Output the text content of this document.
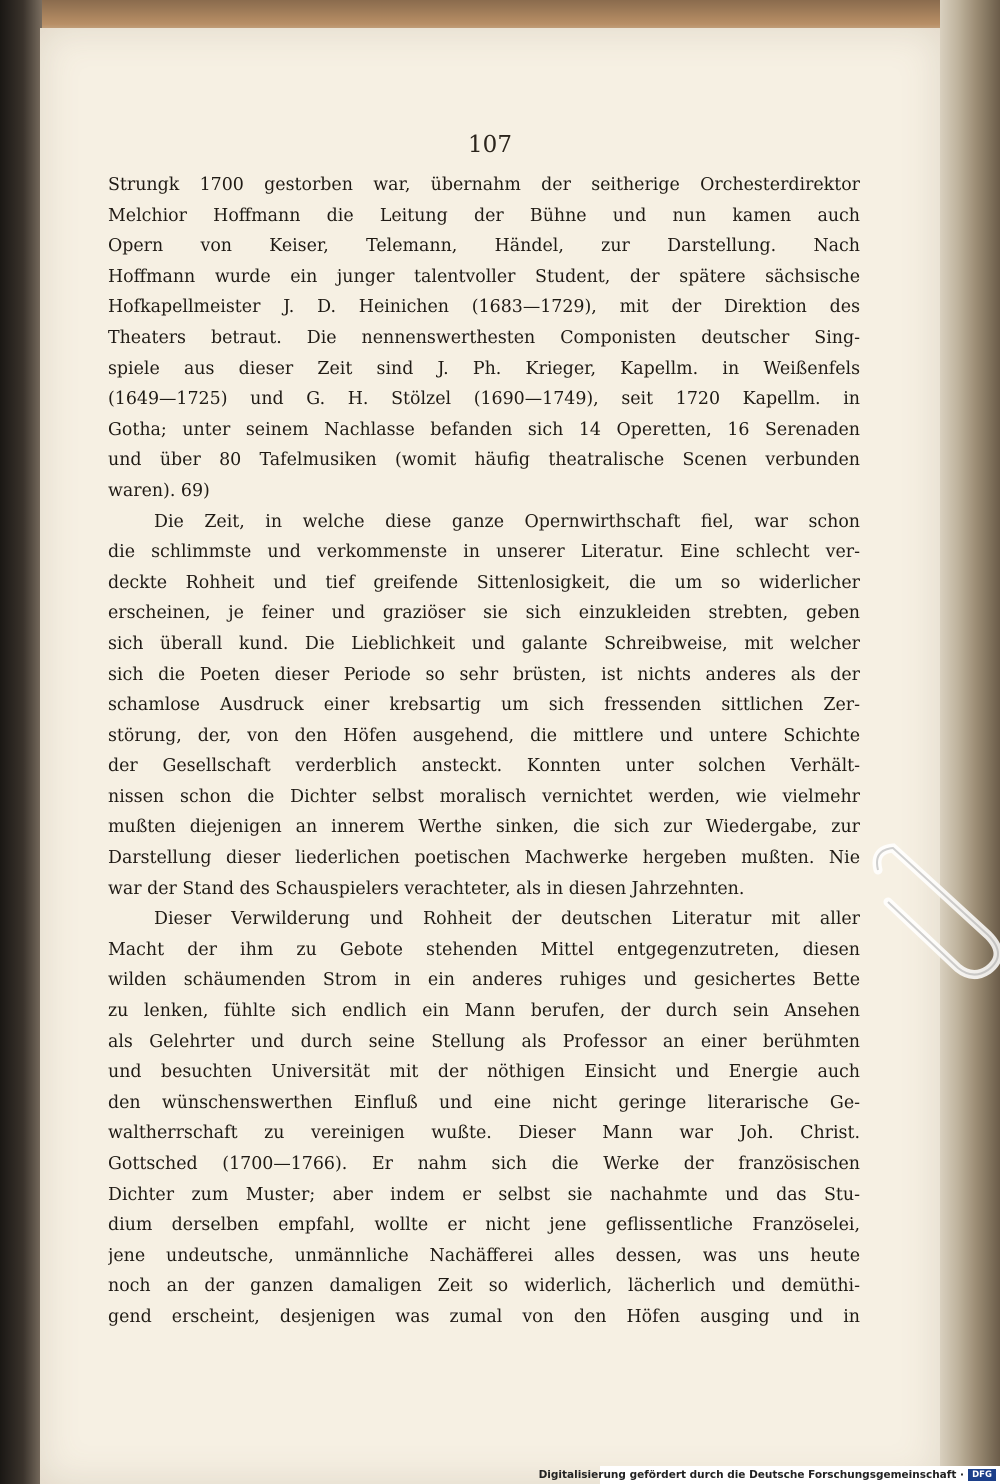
107
Strungk 1700 gestorben war, übernahm der seitherige Orchesterdirektor
Melchior Hoffmann die Leitung der Bühne und nun kamen auch
Opern von Keiser, Telemann, Händel, zur Darstellung. Nach
Hoffmann wurde ein junger talentvoller Student, der spätere sächsische
Hofkapellmeister J. D. Heinichen (1683—1729), mit der Direktion des
Theaters betraut. Die nennenswerthesten Componisten deutscher Sing-
spiele aus dieser Zeit sind J. Ph. Krieger, Kapellm. in Weißenfels
(1649—1725) und G. H. Stölzel (1690—1749), seit 1720 Kapellm. in
Gotha; unter seinem Nachlasse befanden sich 14 Operetten, 16 Serenaden
und über 80 Tafelmusiken (womit häufig theatralische Scenen verbunden
waren). 69)
Die Zeit, in welche diese ganze Opernwirthschaft fiel, war schon
die schlimmste und verkommenste in unserer Literatur. Eine schlecht ver-
deckte Rohheit und tief greifende Sittenlosigkeit, die um so widerlicher
erscheinen, je feiner und graziöser sie sich einzukleiden strebten, geben
sich überall kund. Die Lieblichkeit und galante Schreibweise, mit welcher
sich die Poeten dieser Periode so sehr brüsten, ist nichts anderes als der
schamlose Ausdruck einer krebsartig um sich fressenden sittlichen Zer-
störung, der, von den Höfen ausgehend, die mittlere und untere Schichte
der Gesellschaft verderblich ansteckt. Konnten unter solchen Verhält-
nissen schon die Dichter selbst moralisch vernichtet werden, wie vielmehr
mußten diejenigen an innerem Werthe sinken, die sich zur Wiedergabe, zur
Darstellung dieser liederlichen poetischen Machwerke hergeben mußten. Nie
war der Stand des Schauspielers verachteter, als in diesen Jahrzehnten.
Dieser Verwilderung und Rohheit der deutschen Literatur mit aller
Macht der ihm zu Gebote stehenden Mittel entgegenzutreten, diesen
wilden schäumenden Strom in ein anderes ruhiges und gesichertes Bette
zu lenken, fühlte sich endlich ein Mann berufen, der durch sein Ansehen
als Gelehrter und durch seine Stellung als Professor an einer berühmten
und besuchten Universität mit der nöthigen Einsicht und Energie auch
den wünschenswerthen Einfluß und eine nicht geringe literarische Ge-
waltherrschaft zu vereinigen wußte. Dieser Mann war Joh. Christ.
Gottsched (1700—1766). Er nahm sich die Werke der französischen
Dichter zum Muster; aber indem er selbst sie nachahmte und das Stu-
dium derselben empfahl, wollte er nicht jene geflissentliche Französelei,
jene undeutsche, unmännliche Nachäfferei alles dessen, was uns heute
noch an der ganzen damaligen Zeit so widerlich, lächerlich und demüthi-
gend erscheint, desjenigen was zumal von den Höfen ausging und in
Digitalisierung gefördert durch die Deutsche Forschungsgemeinschaft · DFG
